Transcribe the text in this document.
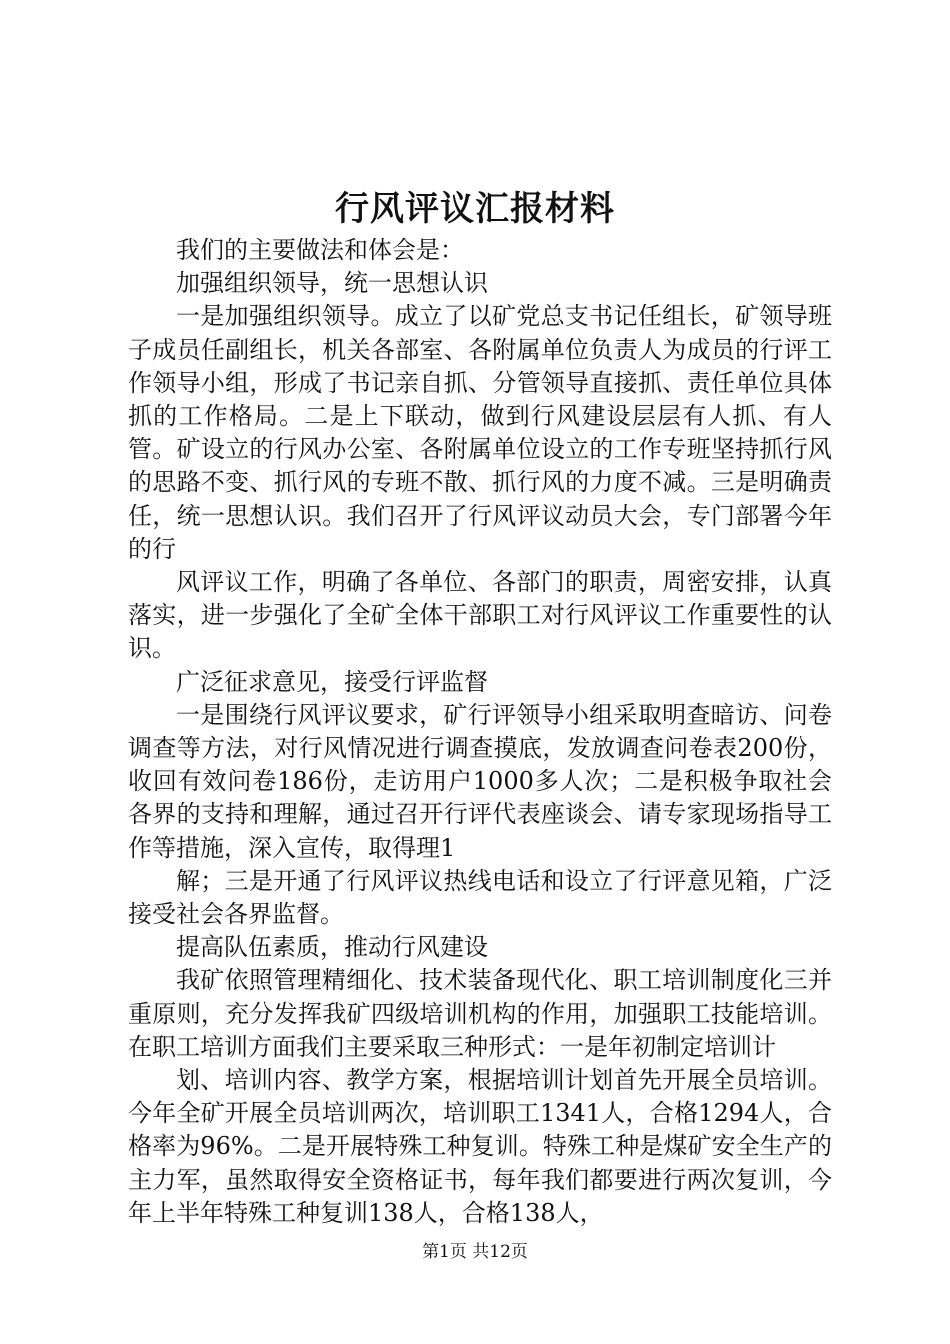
行风评议汇报材料

我们的主要做法和体会是：

加强组织领导，统一思想认识

一是加强组织领导。成立了以矿党总支书记任组长，矿领导班子成员任副组长，机关各部室、各附属单位负责人为成员的行评工作领导小组，形成了书记亲自抓、分管领导直接抓、责任单位具体抓的工作格局。二是上下联动，做到行风建设层层有人抓、有人管。矿设立的行风办公室、各附属单位设立的工作专班坚持抓行风的思路不变、抓行风的专班不散、抓行风的力度不减。三是明确责任，统一思想认识。我们召开了行风评议动员大会，专门部署今年的行

风评议工作，明确了各单位、各部门的职责，周密安排，认真落实，进一步强化了全矿全体干部职工对行风评议工作重要性的认识。

广泛征求意见，接受行评监督

一是围绕行风评议要求，矿行评领导小组采取明查暗访、问卷调查等方法，对行风情况进行调查摸底，发放调查问卷表200份，收回有效问卷186份，走访用户1000多人次；二是积极争取社会各界的支持和理解，通过召开行评代表座谈会、请专家现场指导工作等措施，深入宣传，取得理1

解；三是开通了行风评议热线电话和设立了行评意见箱，广泛接受社会各界监督。

提高队伍素质，推动行风建设

我矿依照管理精细化、技术装备现代化、职工培训制度化三并重原则，充分发挥我矿四级培训机构的作用，加强职工技能培训。在职工培训方面我们主要采取三种形式：一是年初制定培训计

划、培训内容、教学方案，根据培训计划首先开展全员培训。今年全矿开展全员培训两次，培训职工1341人，合格1294人，合格率为96%。二是开展特殊工种复训。特殊工种是煤矿安全生产的主力军，虽然取得安全资格证书，每年我们都要进行两次复训，今年上半年特殊工种复训138人，合格138人，

第1页 共12页
